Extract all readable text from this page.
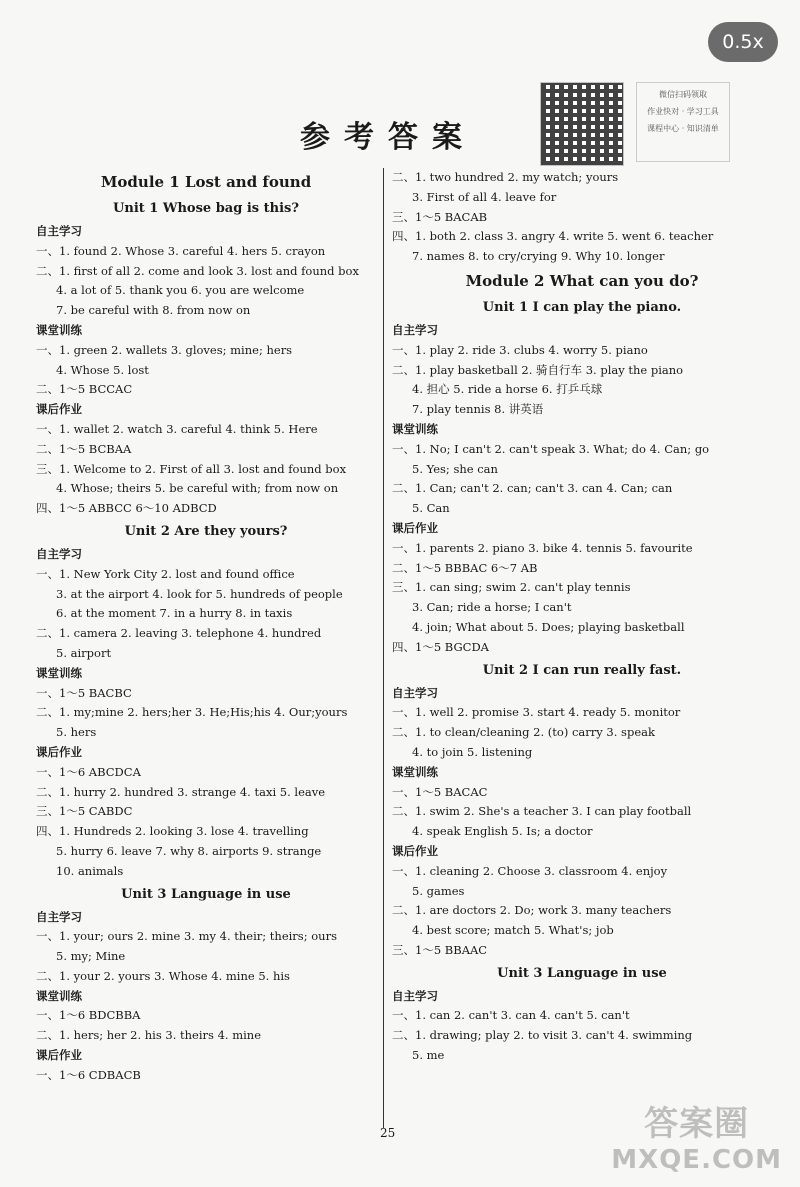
0.5x
微信扫码领取
作业快对 · 学习工具
课程中心 · 知识清单
参考答案
Module 1 Lost and found
Unit 1 Whose bag is this?
自主学习
一、1. found 2. Whose 3. careful 4. hers 5. crayon
二、1. first of all 2. come and look 3. lost and found box
4. a lot of 5. thank you 6. you are welcome
7. be careful with 8. from now on
课堂训练
一、1. green 2. wallets 3. gloves; mine; hers
4. Whose 5. lost
二、1～5 BCCAC
课后作业
一、1. wallet 2. watch 3. careful 4. think 5. Here
二、1～5 BCBAA
三、1. Welcome to 2. First of all 3. lost and found box
4. Whose; theirs 5. be careful with; from now on
四、1～5 ABBCC 6～10 ADBCD
Unit 2 Are they yours?
自主学习
一、1. New York City 2. lost and found office
3. at the airport 4. look for 5. hundreds of people
6. at the moment 7. in a hurry 8. in taxis
二、1. camera 2. leaving 3. telephone 4. hundred
5. airport
课堂训练
一、1～5 BACBC
二、1. my;mine 2. hers;her 3. He;His;his 4. Our;yours
5. hers
课后作业
一、1～6 ABCDCA
二、1. hurry 2. hundred 3. strange 4. taxi 5. leave
三、1～5 CABDC
四、1. Hundreds 2. looking 3. lose 4. travelling
5. hurry 6. leave 7. why 8. airports 9. strange
10. animals
Unit 3 Language in use
自主学习
一、1. your; ours 2. mine 3. my 4. their; theirs; ours
5. my; Mine
二、1. your 2. yours 3. Whose 4. mine 5. his
课堂训练
一、1～6 BDCBBA
二、1. hers; her 2. his 3. theirs 4. mine
课后作业
一、1～6 CDBACB
二、1. two hundred 2. my watch; yours
3. First of all 4. leave for
三、1～5 BACAB
四、1. both 2. class 3. angry 4. write 5. went 6. teacher
7. names 8. to cry/crying 9. Why 10. longer
Module 2 What can you do?
Unit 1 I can play the piano.
自主学习
一、1. play 2. ride 3. clubs 4. worry 5. piano
二、1. play basketball 2. 骑自行车 3. play the piano
4. 担心 5. ride a horse 6. 打乒乓球
7. play tennis 8. 讲英语
课堂训练
一、1. No; I can't 2. can't speak 3. What; do 4. Can; go
5. Yes; she can
二、1. Can; can't 2. can; can't 3. can 4. Can; can
5. Can
课后作业
一、1. parents 2. piano 3. bike 4. tennis 5. favourite
二、1～5 BBBAC 6～7 AB
三、1. can sing; swim 2. can't play tennis
3. Can; ride a horse; I can't
4. join; What about 5. Does; playing basketball
四、1～5 BGCDA
Unit 2 I can run really fast.
自主学习
一、1. well 2. promise 3. start 4. ready 5. monitor
二、1. to clean/cleaning 2. (to) carry 3. speak
4. to join 5. listening
课堂训练
一、1～5 BACAC
二、1. swim 2. She's a teacher 3. I can play football
4. speak English 5. Is; a doctor
课后作业
一、1. cleaning 2. Choose 3. classroom 4. enjoy
5. games
二、1. are doctors 2. Do; work 3. many teachers
4. best score; match 5. What's; job
三、1～5 BBAAC
Unit 3 Language in use
自主学习
一、1. can 2. can't 3. can 4. can't 5. can't
二、1. drawing; play 2. to visit 3. can't 4. swimming
5. me
25	答案圈
MXQE.COM
